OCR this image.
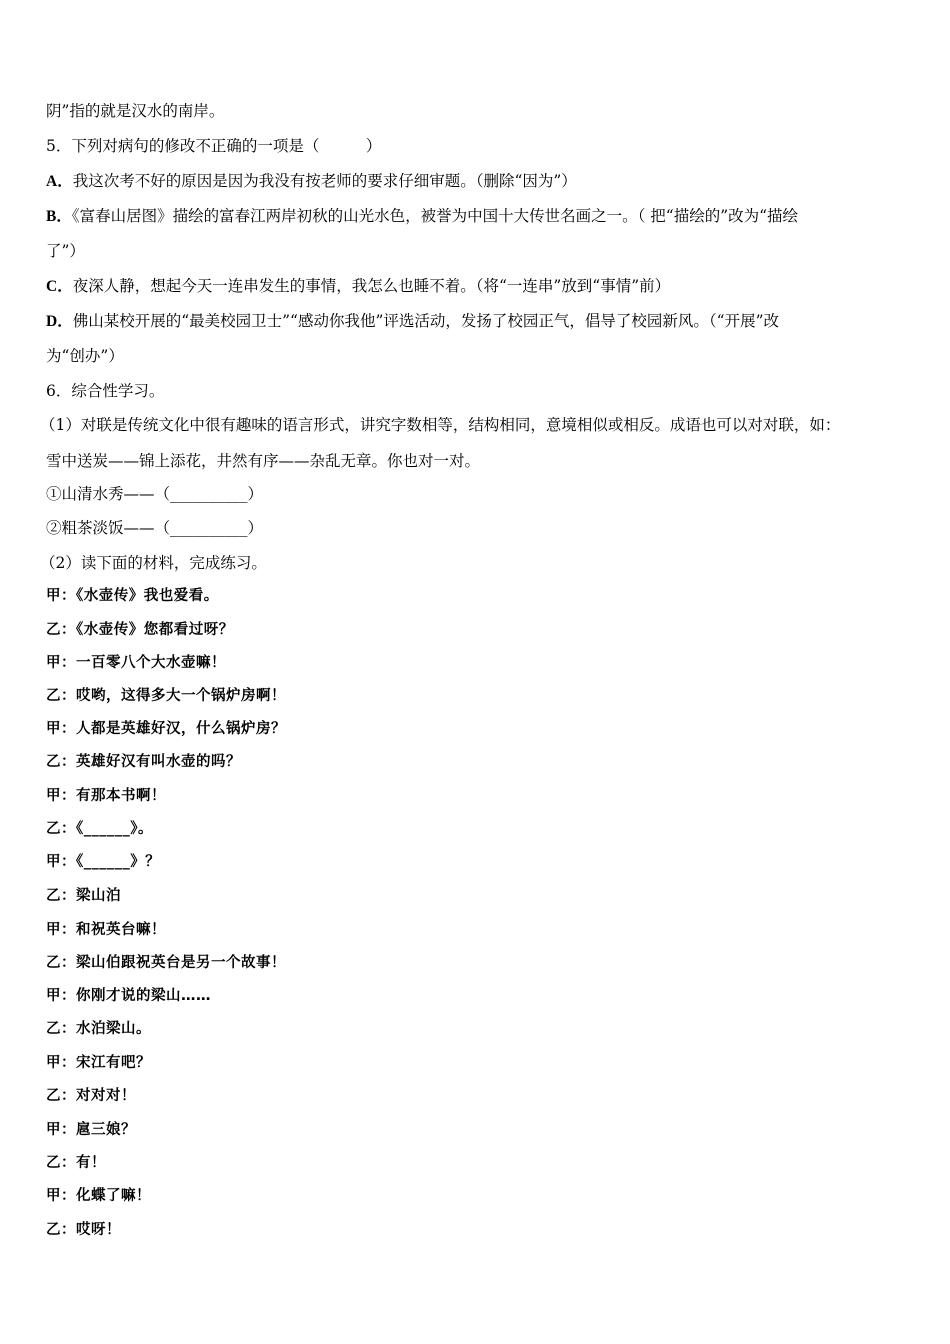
阴”指的就是汉水的南岸。
5．下列对病句的修改不正确的一项是（　　　）
A．我这次考不好的原因是因为我没有按老师的要求仔细审题。（删除“因为”）
B．《富春山居图》描绘的富春江两岸初秋的山光水色，被誉为中国十大传世名画之一。（ 把“描绘的”改为“描绘
了”）
C．夜深人静，想起今天一连串发生的事情，我怎么也睡不着。（将“一连串”放到“事情”前）
D．佛山某校开展的“最美校园卫士”“感动你我他”评选活动，发扬了校园正气，倡导了校园新风。（“开展”改
为“创办”）
6．综合性学习。
（1）对联是传统文化中很有趣味的语言形式，讲究字数相等，结构相同，意境相似或相反。成语也可以对对联，如：
雪中送炭——锦上添花，井然有序——杂乱无章。你也对一对。
①山清水秀——（__________）
②粗茶淡饭——（__________）
（2）读下面的材料，完成练习。
甲：《水壶传》我也爱看。
乙：《水壶传》您都看过呀？
甲：一百零八个大水壶嘛！
乙：哎哟，这得多大一个锅炉房啊！
甲：人都是英雄好汉，什么锅炉房？
乙：英雄好汉有叫水壶的吗？
甲：有那本书啊！
乙：《______》。
甲：《______》？
乙：梁山泊
甲：和祝英台嘛！
乙：梁山伯跟祝英台是另一个故事！
甲：你刚才说的梁山……
乙：水泊梁山。
甲：宋江有吧？
乙：对对对！
甲：扈三娘？
乙：有！
甲：化蝶了嘛！
乙：哎呀！
